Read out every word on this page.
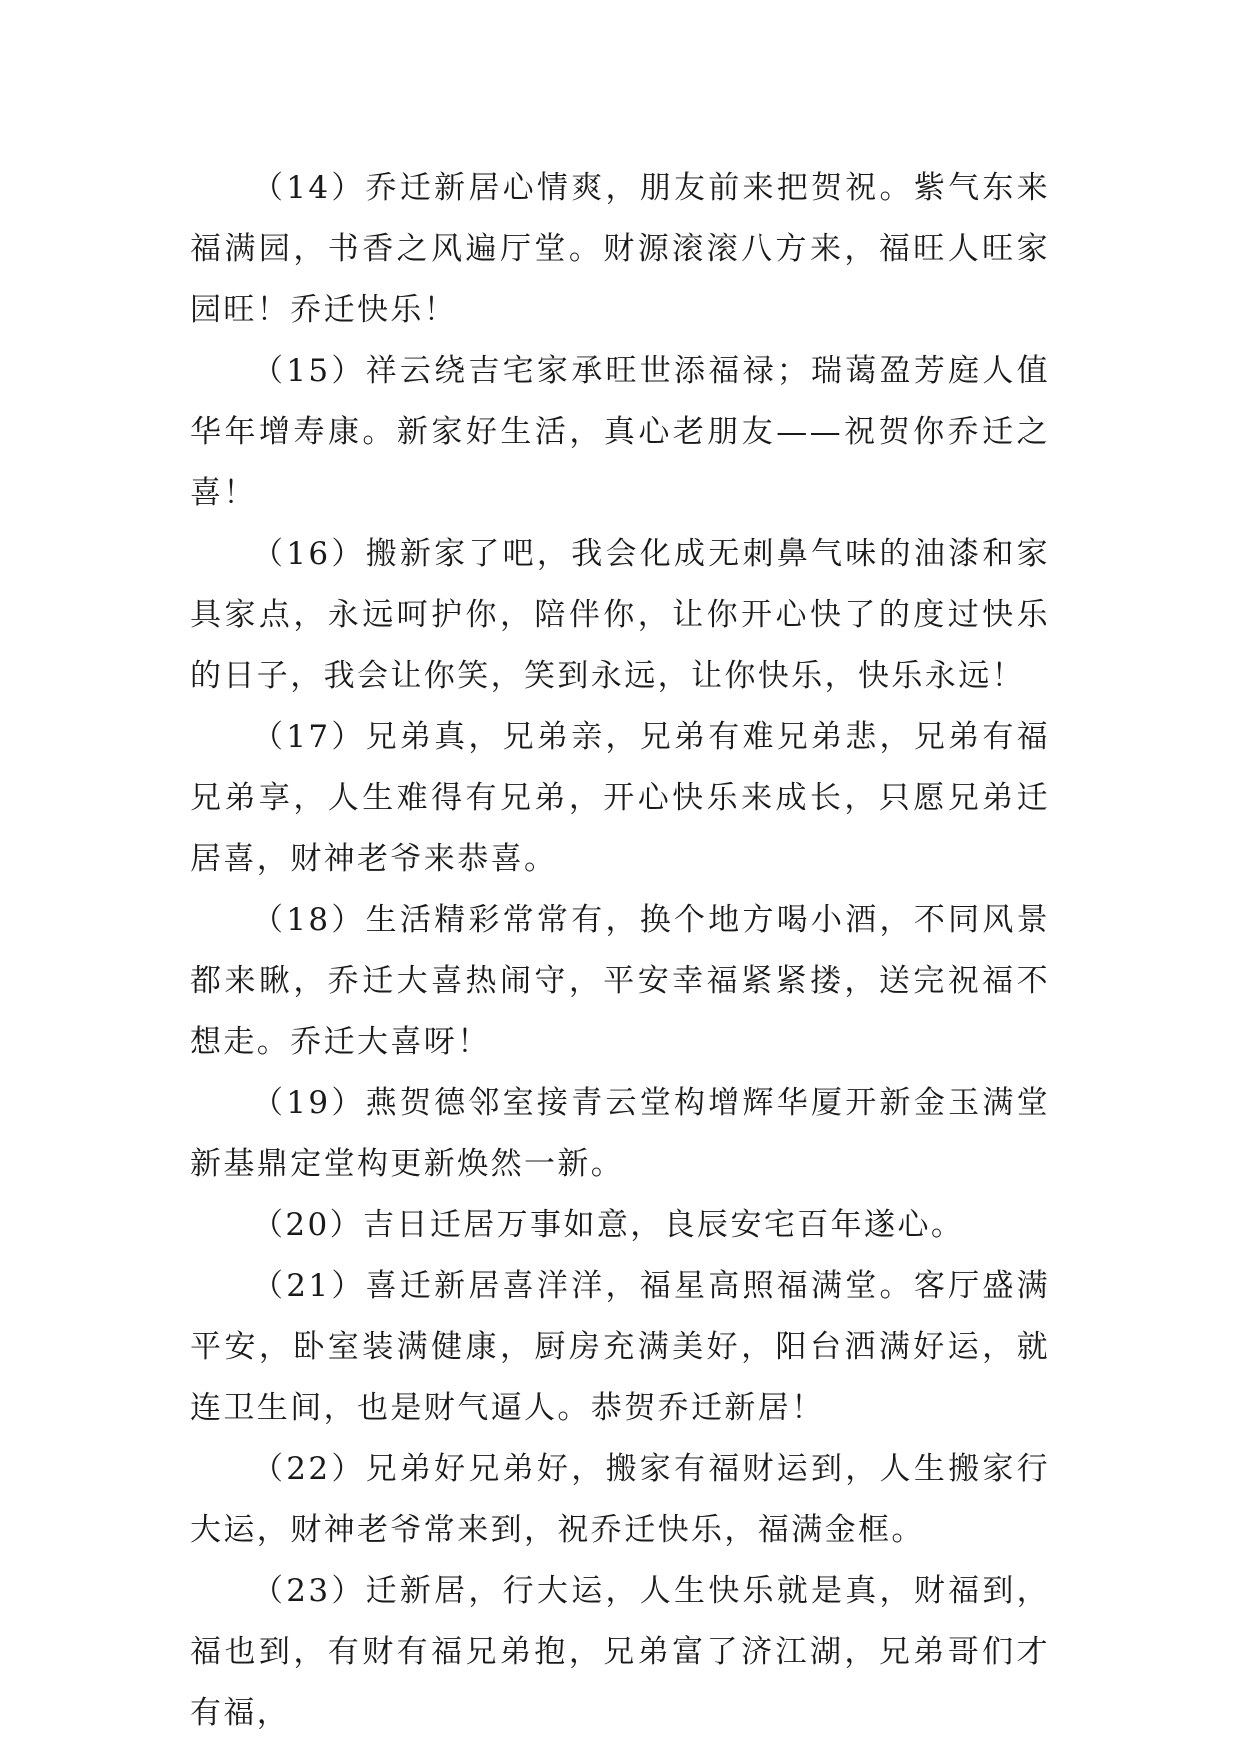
（14）乔迁新居心情爽，朋友前来把贺祝。紫气东来福满园，书香之风遍厅堂。财源滚滚八方来，福旺人旺家园旺！乔迁快乐！

（15）祥云绕吉宅家承旺世添福禄；瑞蔼盈芳庭人值华年增寿康。新家好生活，真心老朋友——祝贺你乔迁之喜！

（16）搬新家了吧，我会化成无刺鼻气味的油漆和家具家点，永远呵护你，陪伴你，让你开心快了的度过快乐的日子，我会让你笑，笑到永远，让你快乐，快乐永远！

（17）兄弟真，兄弟亲，兄弟有难兄弟悲，兄弟有福兄弟享，人生难得有兄弟，开心快乐来成长，只愿兄弟迁居喜，财神老爷来恭喜。

（18）生活精彩常常有，换个地方喝小酒，不同风景都来瞅，乔迁大喜热闹守，平安幸福紧紧搂，送完祝福不想走。乔迁大喜呀！

（19）燕贺德邻室接青云堂构增辉华厦开新金玉满堂新基鼎定堂构更新焕然一新。

（20）吉日迁居万事如意，良辰安宅百年遂心。

（21）喜迁新居喜洋洋，福星高照福满堂。客厅盛满平安，卧室装满健康，厨房充满美好，阳台洒满好运，就连卫生间，也是财气逼人。恭贺乔迁新居！

（22）兄弟好兄弟好，搬家有福财运到，人生搬家行大运，财神老爷常来到，祝乔迁快乐，福满金框。

（23）迁新居，行大运，人生快乐就是真，财福到，福也到，有财有福兄弟抱，兄弟富了济江湖，兄弟哥们才有福，
